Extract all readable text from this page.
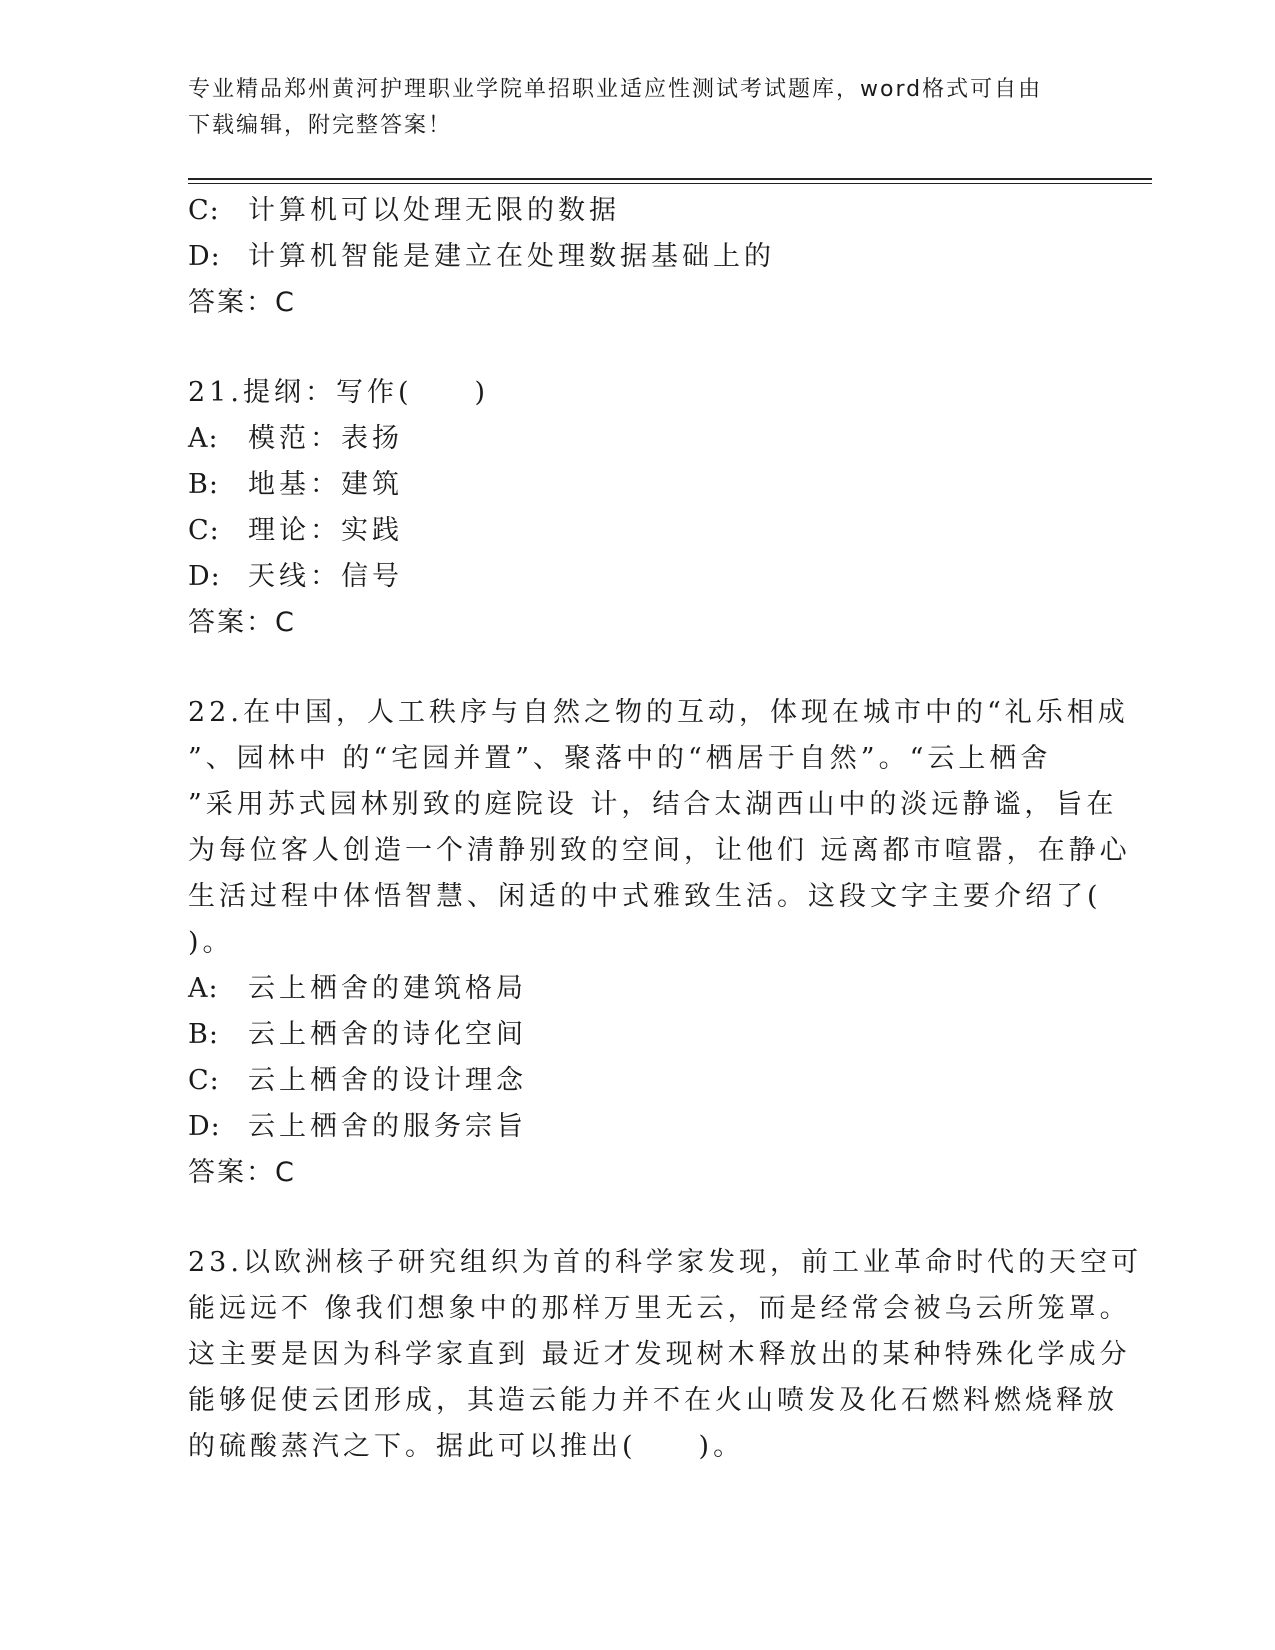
专业精品郑州黄河护理职业学院单招职业适应性测试考试题库，word格式可自由
下载编辑，附完整答案！
C:	计算机可以处理无限的数据
D:	计算机智能是建立在处理数据基础上的
答案：C
21.提纲：写作(　　)
A:	模范：表扬
B:	地基：建筑
C:	理论：实践
D:	天线：信号
答案：C
22.在中国，人工秩序与自然之物的互动，体现在城市中的“礼乐相成
”、园林中 的“宅园并置”、聚落中的“栖居于自然”。“云上栖舍
”采用苏式园林别致的庭院设 计，结合太湖西山中的淡远静谧，旨在
为每位客人创造一个清静别致的空间，让他们 远离都市喧嚣，在静心
生活过程中体悟智慧、闲适的中式雅致生活。这段文字主要介绍了(
)。
A:	云上栖舍的建筑格局
B:	云上栖舍的诗化空间
C:	云上栖舍的设计理念
D:	云上栖舍的服务宗旨
答案：C
23.以欧洲核子研究组织为首的科学家发现，前工业革命时代的天空可
能远远不 像我们想象中的那样万里无云，而是经常会被乌云所笼罩。
这主要是因为科学家直到 最近才发现树木释放出的某种特殊化学成分
能够促使云团形成，其造云能力并不在火山喷发及化石燃料燃烧释放
的硫酸蒸汽之下。据此可以推出(　　)。
